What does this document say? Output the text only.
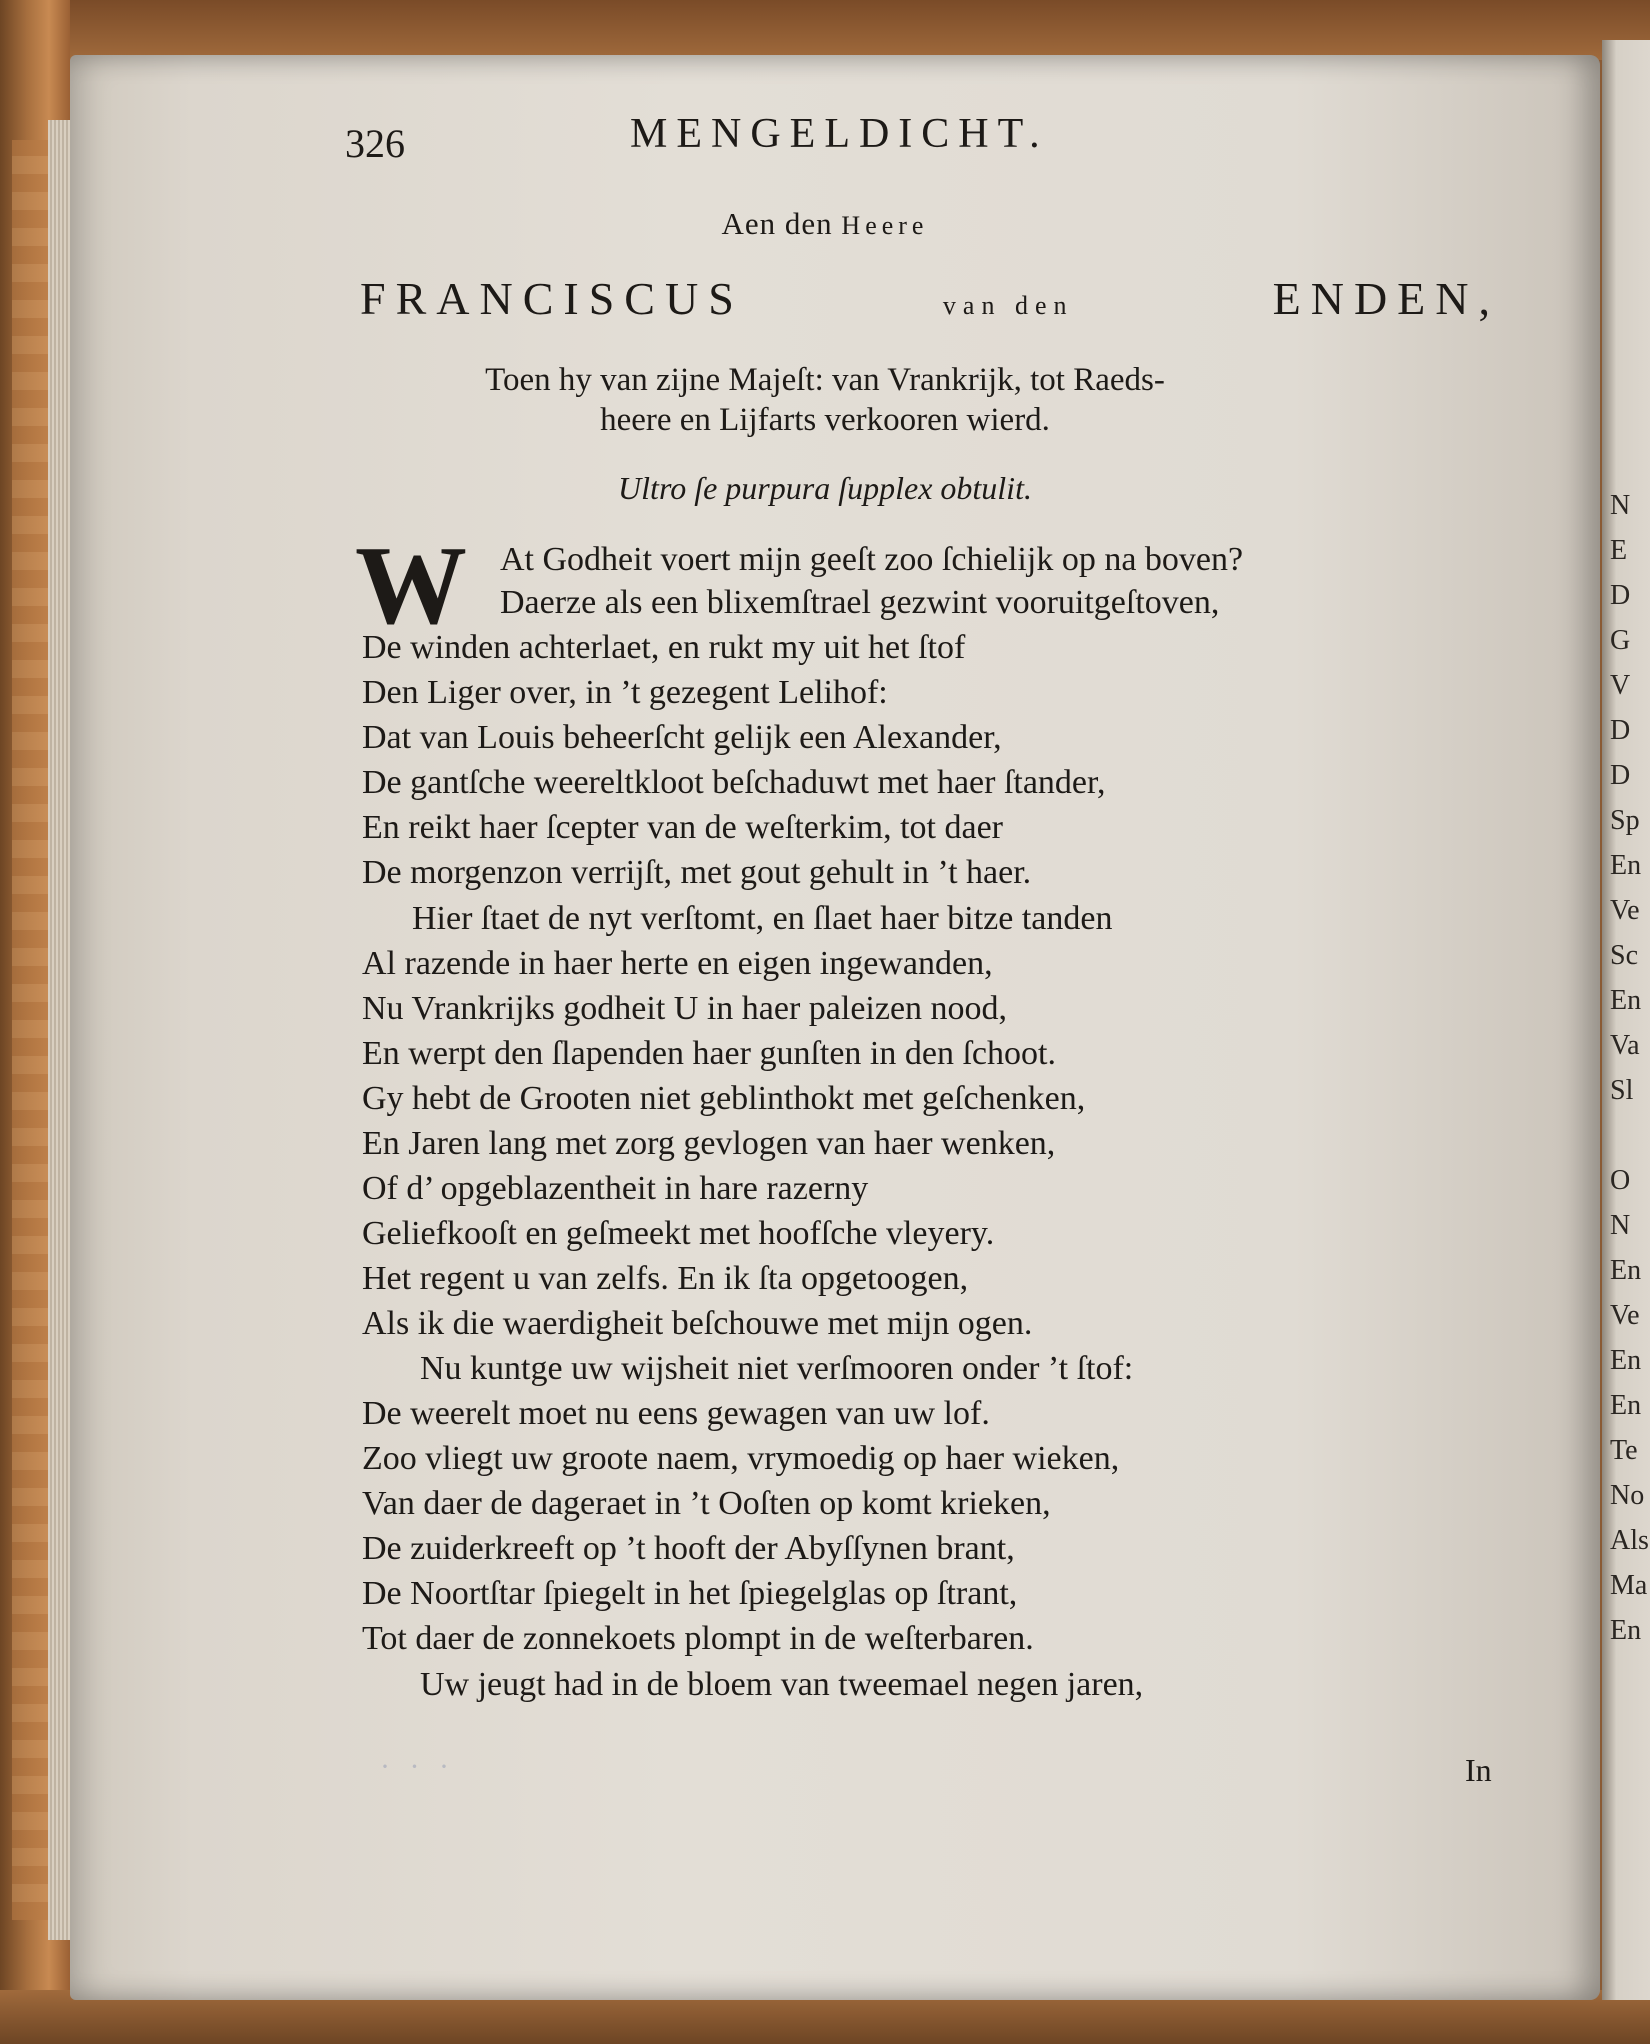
N
E
D
G
V
D
D
Sp
En
Ve
Sc
En
Va
Sl
O
N
En
Ve
En
En
Te
No
Als
Ma
En
326	MENGELDICHT.
Aen den Heere
FRANCISCUS	van den	ENDEN,
Toen hy van zijne Majeſt: van Vrankrijk, tot Raeds-
heere en Lijfarts verkooren wierd.
Ultro ſe purpura ſupplex obtulit.
W At Godheit voert mijn geeſt zoo ſchielijk op na boven?
Daerze als een blixemſtrael gezwint vooruitgeſtoven,
De winden achterlaet, en rukt my uit het ſtof
Den Liger over, in ’t gezegent Lelihof:
Dat van Louis beheerſcht gelijk een Alexander,
De gantſche weereltkloot beſchaduwt met haer ſtander,
En reikt haer ſcepter van de weſterkim, tot daer
De morgenzon verrijſt, met gout gehult in ’t haer.
Hier ſtaet de nyt verſtomt, en ſlaet haer bitze tanden
Al razende in haer herte en eigen ingewanden,
Nu Vrankrijks godheit U in haer paleizen nood,
En werpt den ſlapenden haer gunſten in den ſchoot.
Gy hebt de Grooten niet geblinthokt met geſchenken,
En Jaren lang met zorg gevlogen van haer wenken,
Of d’ opgeblazentheit in hare razerny
Geliefkooſt en geſmeekt met hoofſche vleyery.
Het regent u van zelfs. En ik ſta opgetoogen,
Als ik die waerdigheit beſchouwe met mijn ogen.
Nu kuntge uw wijsheit niet verſmooren onder ’t ſtof:
De weerelt moet nu eens gewagen van uw lof.
Zoo vliegt uw groote naem, vrymoedig op haer wieken,
Van daer de dageraet in ’t Ooſten op komt krieken,
De zuiderkreeft op ’t hooft der Abyſſynen brant,
De Noortſtar ſpiegelt in het ſpiegelglas op ſtrant,
Tot daer de zonnekoets plompt in de weſterbaren.
Uw jeugt had in de bloem van tweemael negen jaren,
· · ·	In
